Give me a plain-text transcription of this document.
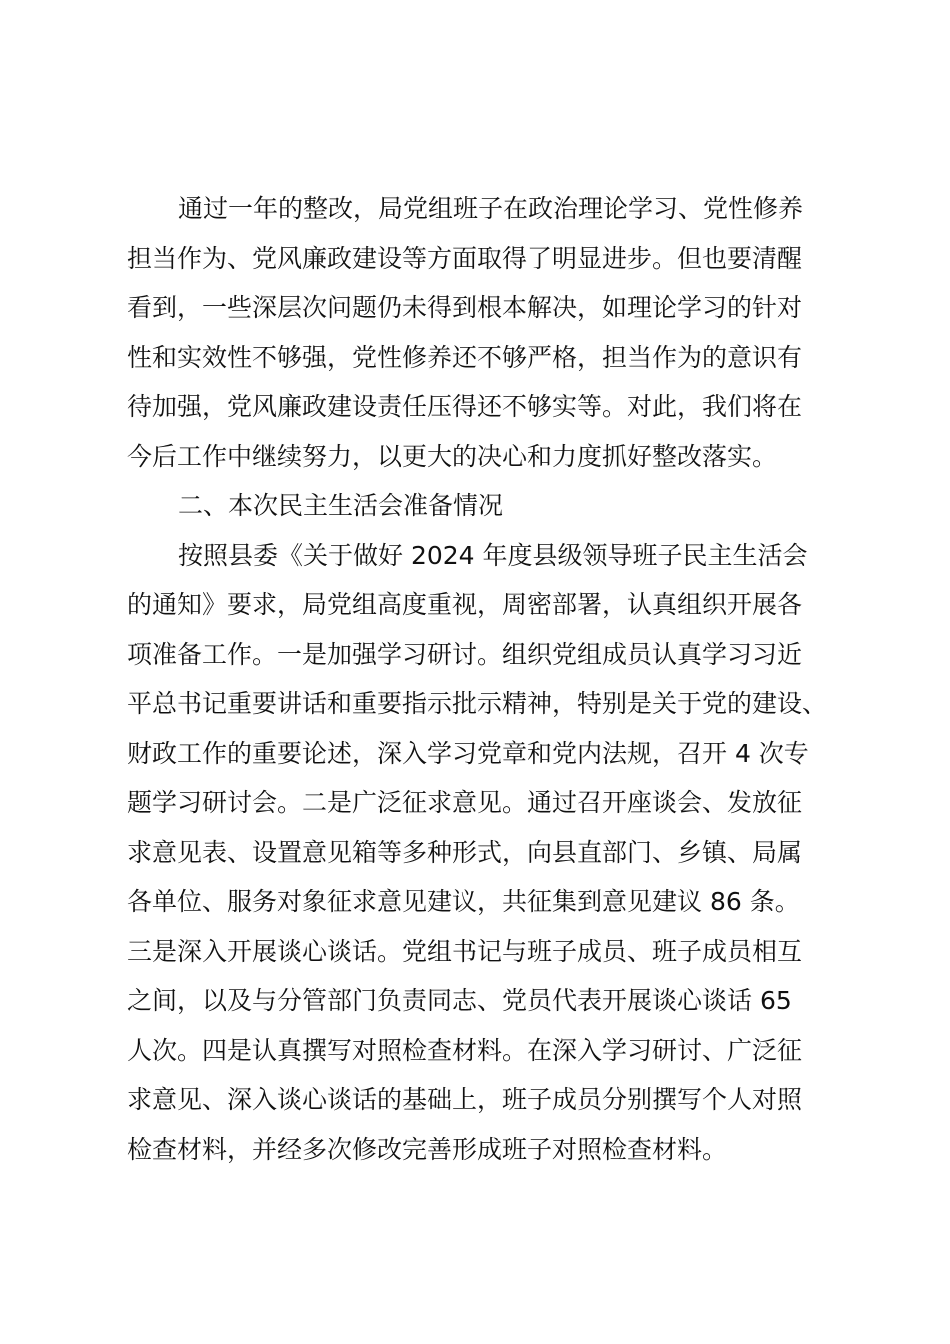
通过一年的整改，局党组班子在政治理论学习、党性修养
担当作为、党风廉政建设等方面取得了明显进步。但也要清醒
看到，一些深层次问题仍未得到根本解决，如理论学习的针对
性和实效性不够强，党性修养还不够严格，担当作为的意识有
待加强，党风廉政建设责任压得还不够实等。对此，我们将在
今后工作中继续努力，以更大的决心和力度抓好整改落实。
二、本次民主生活会准备情况
按照县委《关于做好 2024 年度县级领导班子民主生活会
的通知》要求，局党组高度重视，周密部署，认真组织开展各
项准备工作。一是加强学习研讨。组织党组成员认真学习习近
平总书记重要讲话和重要指示批示精神，特别是关于党的建设、
财政工作的重要论述，深入学习党章和党内法规，召开 4 次专
题学习研讨会。二是广泛征求意见。通过召开座谈会、发放征
求意见表、设置意见箱等多种形式，向县直部门、乡镇、局属
各单位、服务对象征求意见建议，共征集到意见建议 86 条。
三是深入开展谈心谈话。党组书记与班子成员、班子成员相互
之间，以及与分管部门负责同志、党员代表开展谈心谈话 65
人次。四是认真撰写对照检查材料。在深入学习研讨、广泛征
求意见、深入谈心谈话的基础上，班子成员分别撰写个人对照
检查材料，并经多次修改完善形成班子对照检查材料。
